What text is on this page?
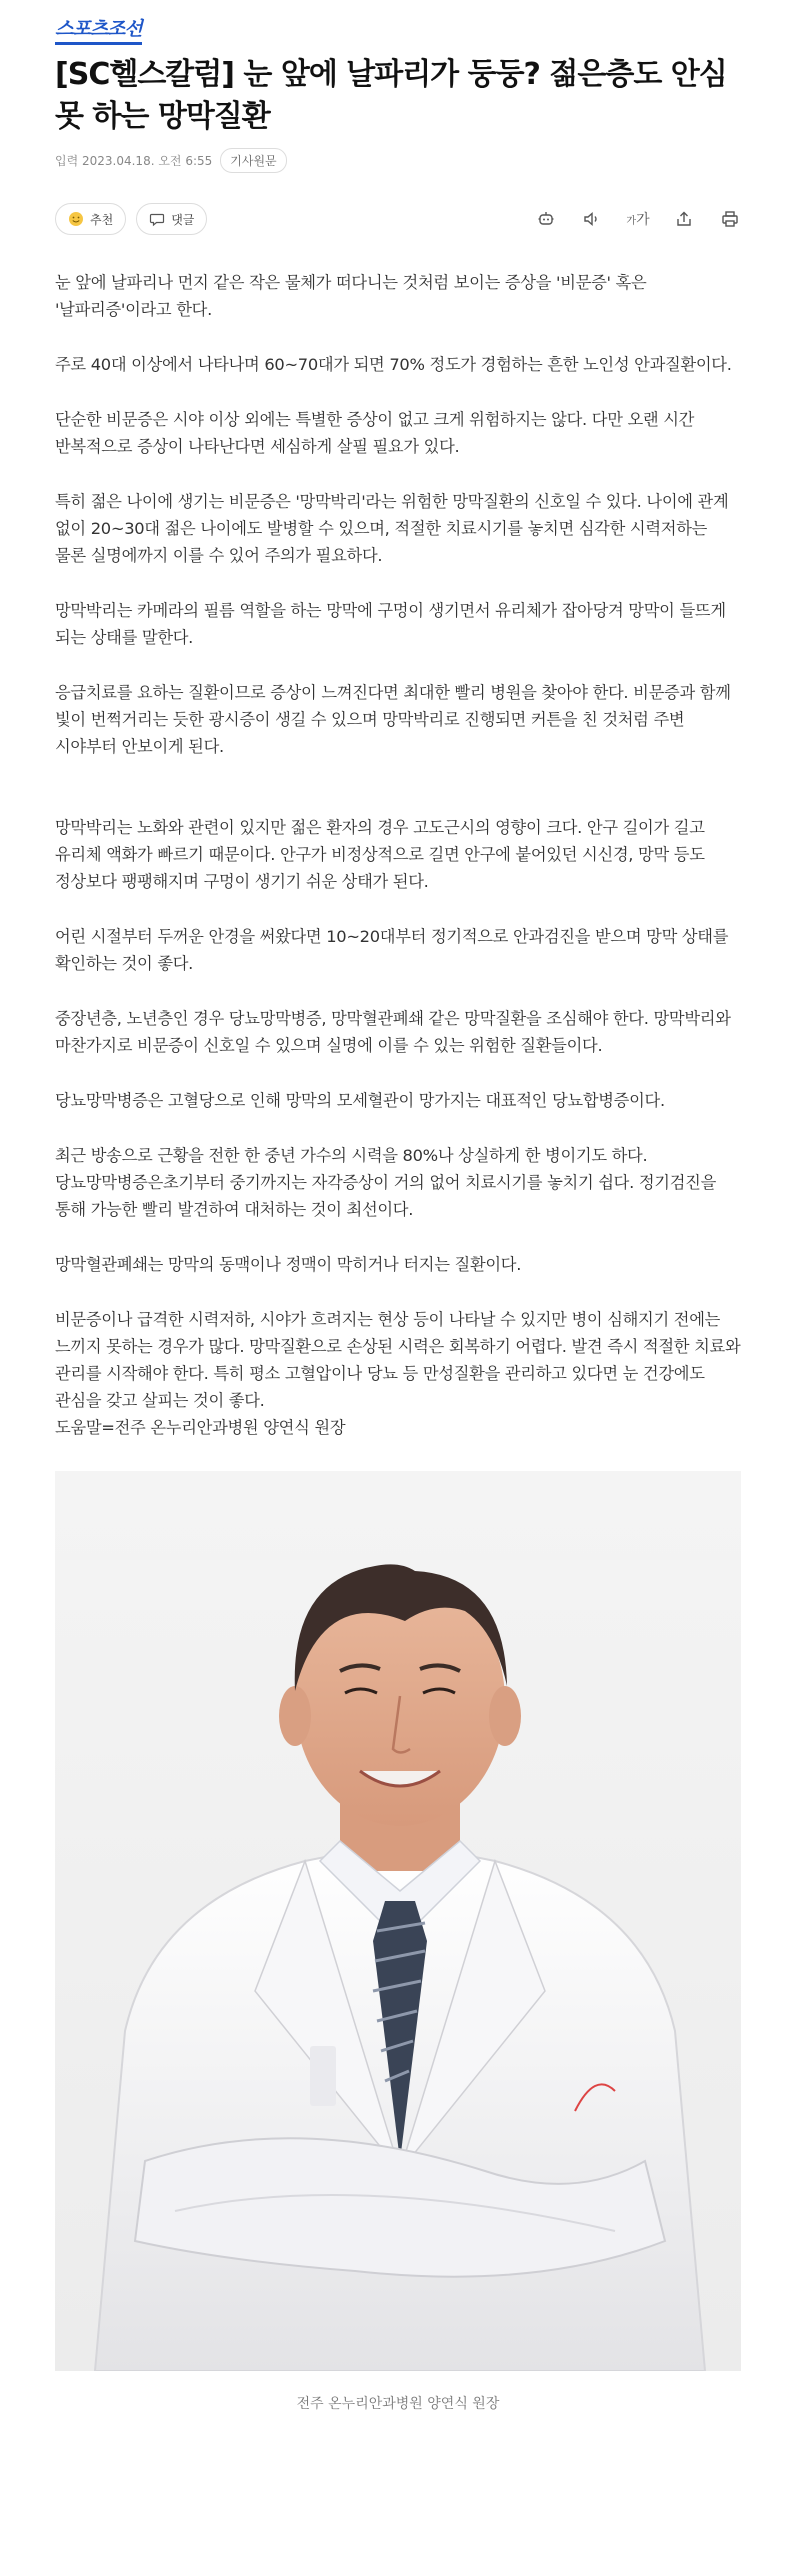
스포츠조선
[SC헬스칼럼] 눈 앞에 날파리가 둥둥? 젊은층도 안심 못 하는 망막질환
입력 2023.04.18. 오전 6:55	기사원문
추천	댓글	가 가

눈 앞에 날파리나 먼지 같은 작은 물체가 떠다니는 것처럼 보이는 증상을 '비문증' 혹은 '날파리증'이라고 한다.

주로 40대 이상에서 나타나며 60~70대가 되면 70% 정도가 경험하는 흔한 노인성 안과질환이다.

단순한 비문증은 시야 이상 외에는 특별한 증상이 없고 크게 위험하지는 않다. 다만 오랜 시간 반복적으로 증상이 나타난다면 세심하게 살필 필요가 있다.

특히 젊은 나이에 생기는 비문증은 '망막박리'라는 위험한 망막질환의 신호일 수 있다. 나이에 관계 없이 20~30대 젊은 나이에도 발병할 수 있으며, 적절한 치료시기를 놓치면 심각한 시력저하는 물론 실명에까지 이를 수 있어 주의가 필요하다.

망막박리는 카메라의 필름 역할을 하는 망막에 구멍이 생기면서 유리체가 잡아당겨 망막이 들뜨게 되는 상태를 말한다.

응급치료를 요하는 질환이므로 증상이 느껴진다면 최대한 빨리 병원을 찾아야 한다. 비문증과 함께 빛이 번쩍거리는 듯한 광시증이 생길 수 있으며 망막박리로 진행되면 커튼을 친 것처럼 주변 시야부터 안보이게 된다.

망막박리는 노화와 관련이 있지만 젊은 환자의 경우 고도근시의 영향이 크다. 안구 길이가 길고 유리체 액화가 빠르기 때문이다. 안구가 비정상적으로 길면 안구에 붙어있던 시신경, 망막 등도 정상보다 팽팽해지며 구멍이 생기기 쉬운 상태가 된다.

어린 시절부터 두꺼운 안경을 써왔다면 10~20대부터 정기적으로 안과검진을 받으며 망막 상태를 확인하는 것이 좋다.

중장년층, 노년층인 경우 당뇨망막병증, 망막혈관폐쇄 같은 망막질환을 조심해야 한다. 망막박리와 마찬가지로 비문증이 신호일 수 있으며 실명에 이를 수 있는 위험한 질환들이다.

당뇨망막병증은 고혈당으로 인해 망막의 모세혈관이 망가지는 대표적인 당뇨합병증이다.

최근 방송으로 근황을 전한 한 중년 가수의 시력을 80%나 상실하게 한 병이기도 하다. 당뇨망막병증은초기부터 중기까지는 자각증상이 거의 없어 치료시기를 놓치기 쉽다. 정기검진을 통해 가능한 빨리 발견하여 대처하는 것이 최선이다.

망막혈관폐쇄는 망막의 동맥이나 정맥이 막히거나 터지는 질환이다.

비문증이나 급격한 시력저하, 시야가 흐려지는 현상 등이 나타날 수 있지만 병이 심해지기 전에는 느끼지 못하는 경우가 많다. 망막질환으로 손상된 시력은 회복하기 어렵다. 발견 즉시 적절한 치료와 관리를 시작해야 한다. 특히 평소 고혈압이나 당뇨 등 만성질환을 관리하고 있다면 눈 건강에도 관심을 갖고 살피는 것이 좋다.

도움말=전주 온누리안과병원 양연식 원장

전주 온누리안과병원 양연식 원장
